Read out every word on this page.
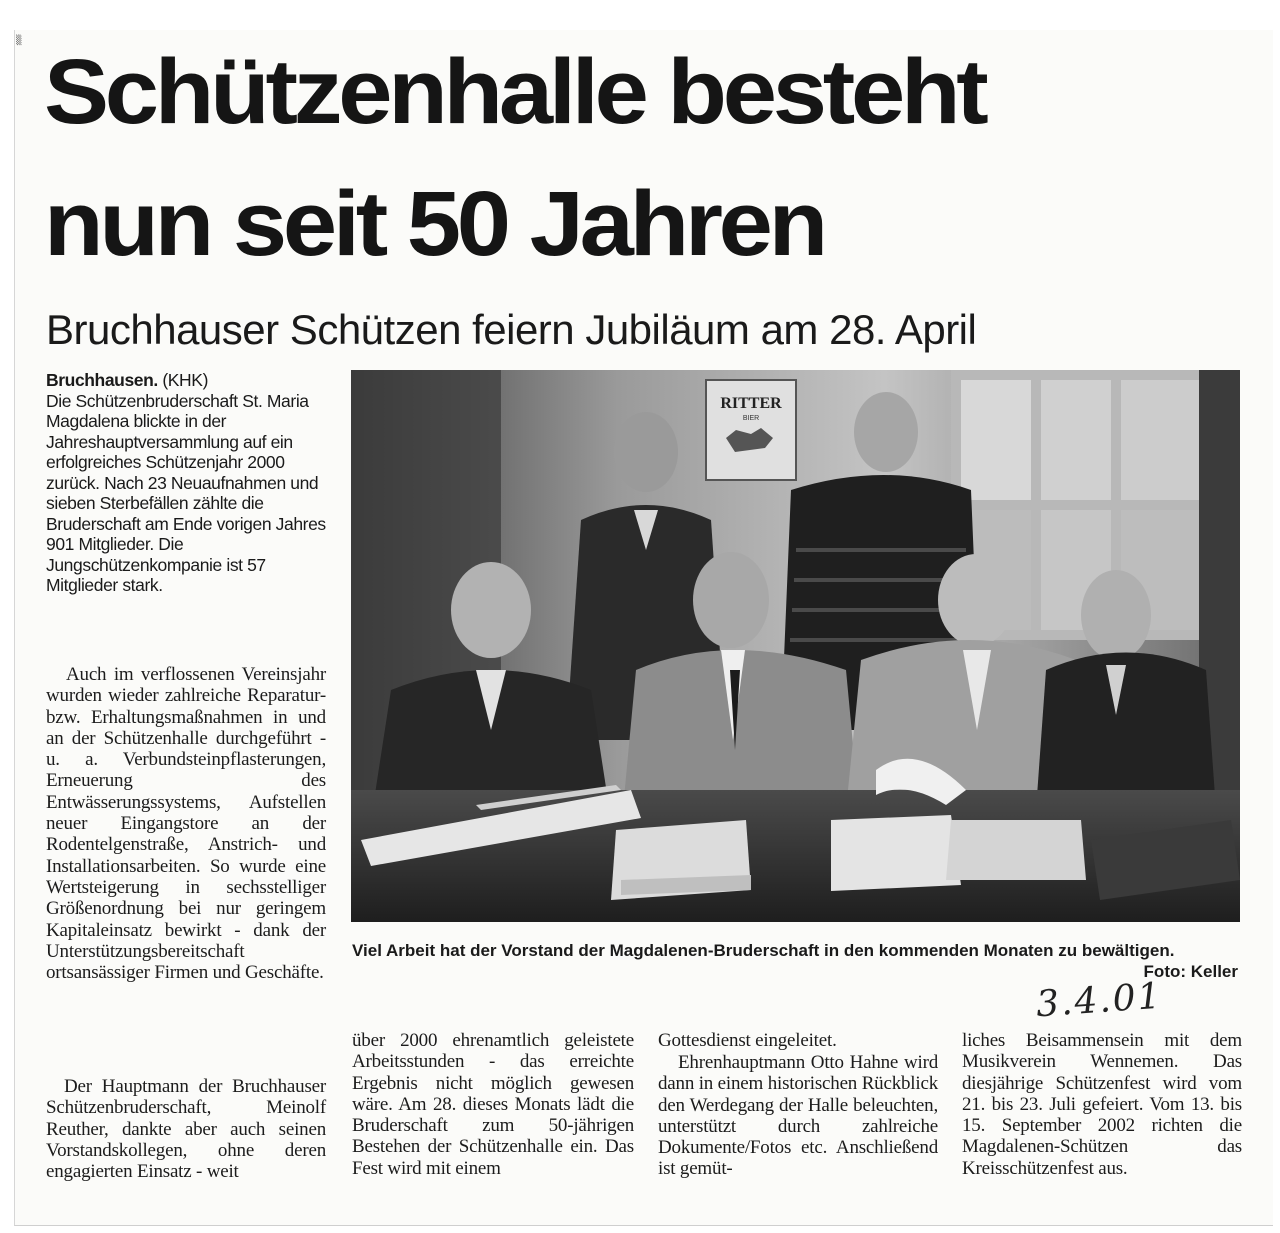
▒ Schützenhalle besteht
nun seit 50 Jahren
Bruchhauser Schützen feiern Jubiläum am 28. April

Bruchhausen. (KHK)
Die Schützenbruderschaft St. Maria Magdalena blickte in der Jahreshauptversammlung auf ein erfolgreiches Schützenjahr 2000 zurück. Nach 23 Neuaufnahmen und sieben Sterbefällen zählte die Bruderschaft am Ende vorigen Jahres 901 Mitglieder. Die Jungschützenkompanie ist 57 Mitglieder stark.

Auch im verflossenen Vereinsjahr wurden wieder zahlreiche Reparatur- bzw. Erhaltungsmaßnahmen in und an der Schützenhalle durchgeführt - u. a. Verbundsteinpflasterungen, Erneuerung des Entwässerungssystems, Aufstellen neuer Eingangstore an der Rodentelgenstraße, Anstrich- und Installationsarbeiten. So wurde eine Wertsteigerung in sechsstelliger Größenordnung bei nur geringem Kapitaleinsatz bewirkt - dank der Unterstützungsbereitschaft ortsansässiger Firmen und Geschäfte.

Der Hauptmann der Bruchhauser Schützenbruderschaft, Meinolf Reuther, dankte aber auch seinen Vorstandskollegen, ohne deren engagierten Einsatz - weit

RITTER
BIER

Viel Arbeit hat der Vorstand der Magdalenen-Bruderschaft in den kommenden Monaten zu bewältigen.

Foto: Keller
3.4.01

über 2000 ehrenamtlich geleistete Arbeitsstunden - das erreichte Ergebnis nicht möglich gewesen wäre. Am 28. dieses Monats lädt die Bruderschaft zum 50-jährigen Bestehen der Schützenhalle ein. Das Fest wird mit einem

Gottesdienst eingeleitet.

Ehrenhauptmann Otto Hahne wird dann in einem historischen Rückblick den Werdegang der Halle beleuchten, unterstützt durch zahlreiche Dokumente/Fotos etc. Anschließend ist gemüt-

liches Beisammensein mit dem Musikverein Wennemen. Das diesjährige Schützenfest wird vom 21. bis 23. Juli gefeiert. Vom 13. bis 15. September 2002 richten die Magdalenen-Schützen das Kreisschützenfest aus.
